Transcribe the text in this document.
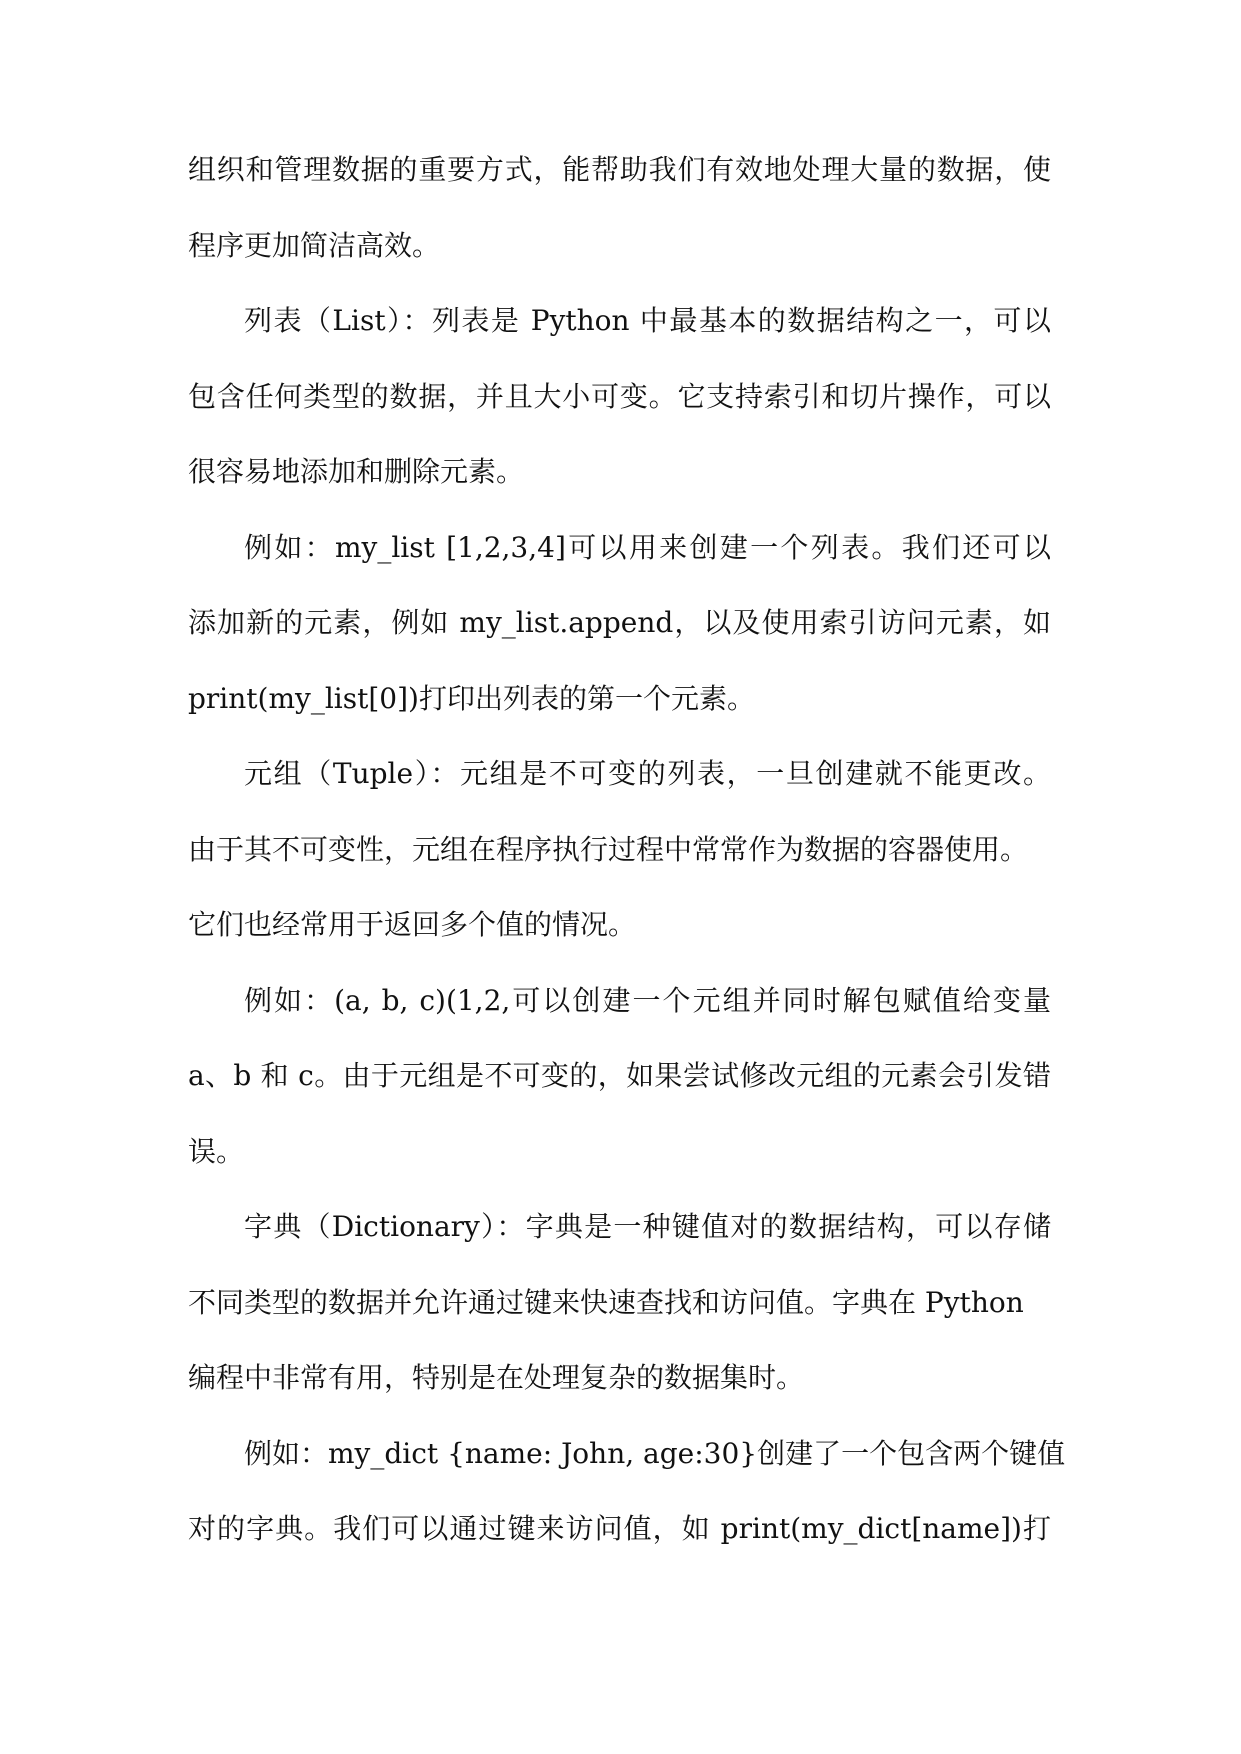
组织和管理数据的重要方式，能帮助我们有效地处理大量的数据，使
程序更加简洁高效。
列表（List）：列表是 Python 中最基本的数据结构之一，可以
包含任何类型的数据，并且大小可变。它支持索引和切片操作，可以
很容易地添加和删除元素。
例如：my_list [1,2,3,4]可以用来创建一个列表。我们还可以
添加新的元素，例如 my_list.append，以及使用索引访问元素，如
print(my_list[0])打印出列表的第一个元素。
元组（Tuple）：元组是不可变的列表，一旦创建就不能更改。
由于其不可变性，元组在程序执行过程中常常作为数据的容器使用。
它们也经常用于返回多个值的情况。
例如：(a, b, c)(1,2,可以创建一个元组并同时解包赋值给变量
a、b 和 c。由于元组是不可变的，如果尝试修改元组的元素会引发错
误。
字典（Dictionary）：字典是一种键值对的数据结构，可以存储
不同类型的数据并允许通过键来快速查找和访问值。字典在 Python
编程中非常有用，特别是在处理复杂的数据集时。
例如：my_dict {name: John, age:30}创建了一个包含两个键值
对的字典。我们可以通过键来访问值，如 print(my_dict[name])打
